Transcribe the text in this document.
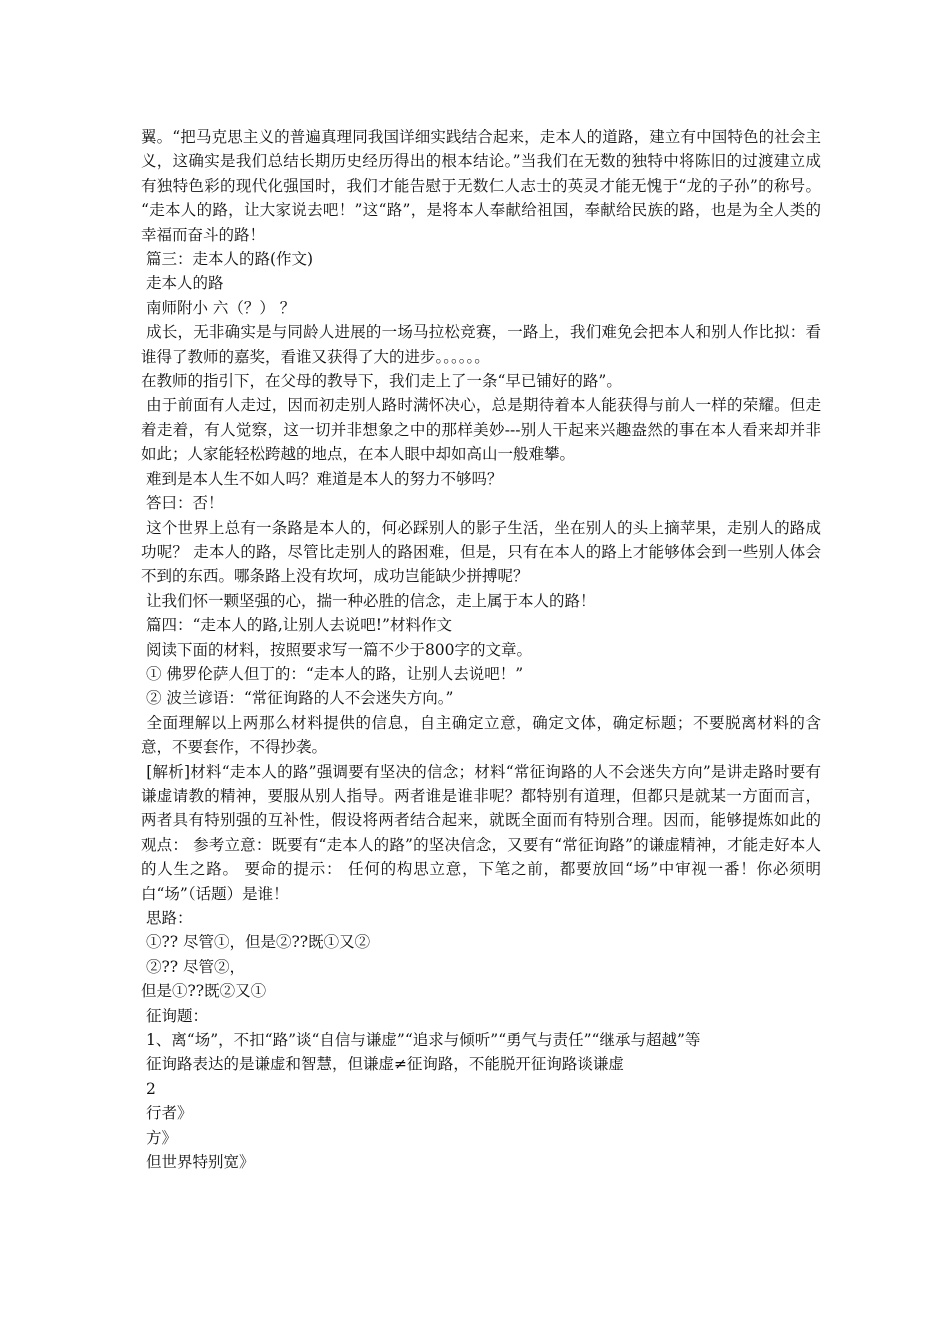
翼。“把马克思主义的普遍真理同我国详细实践结合起来，走本人的道路，建立有中国特色的社会主义，这确实是我们总结长期历史经历得出的根本结论。”当我们在无数的独特中将陈旧的过渡建立成有独特色彩的现代化强国时，我们才能告慰于无数仁人志士的英灵才能无愧于“龙的子孙”的称号。 “走本人的路，让大家说去吧！”这“路”，是将本人奉献给祖国，奉献给民族的路，也是为全人类的幸福而奋斗的路！

篇三：走本人的路(作文)

走本人的路

南师附小 六（？） ？

成长，无非确实是与同龄人进展的一场马拉松竞赛，一路上，我们难免会把本人和别人作比拟：看谁得了教师的嘉奖，看谁又获得了大的进步。。。。。。

在教师的指引下，在父母的教导下，我们走上了一条“早已铺好的路”。

由于前面有人走过，因而初走别人路时满怀决心，总是期待着本人能获得与前人一样的荣耀。但走着走着，有人觉察，这一切并非想象之中的那样美妙---别人干起来兴趣盎然的事在本人看来却并非如此；人家能轻松跨越的地点，在本人眼中却如高山一般难攀。

难到是本人生不如人吗？难道是本人的努力不够吗？

答曰：否！

这个世界上总有一条路是本人的，何必踩别人的影子生活，坐在别人的头上摘苹果，走别人的路成功呢？ 走本人的路，尽管比走别人的路困难，但是，只有在本人的路上才能够体会到一些别人体会不到的东西。哪条路上没有坎坷，成功岂能缺少拼搏呢？

让我们怀一颗坚强的心，揣一种必胜的信念，走上属于本人的路！

篇四：“走本人的路,让别人去说吧!”材料作文

阅读下面的材料，按照要求写一篇不少于800字的文章。

① 佛罗伦萨人但丁的：“走本人的路，让别人去说吧！”

② 波兰谚语：“常征询路的人不会迷失方向。”

全面理解以上两那么材料提供的信息，自主确定立意，确定文体，确定标题；不要脱离材料的含意，不要套作，不得抄袭。

[解析]材料“走本人的路”强调要有坚决的信念；材料“常征询路的人不会迷失方向”是讲走路时要有谦虚请教的精神，要服从别人指导。两者谁是谁非呢？都特别有道理，但都只是就某一方面而言，两者具有特别强的互补性，假设将两者结合起来，就既全面而有特别合理。因而，能够提炼如此的观点： 参考立意：既要有“走本人的路”的坚决信念，又要有“常征询路”的谦虚精神，才能走好本人的人生之路。 要命的提示： 任何的构思立意，下笔之前，都要放回“场”中审视一番！你必须明白“场”（话题）是谁！

思路：

①?? 尽管①，但是②??既①又②

②?? 尽管②，

但是①??既②又①

征询题：

1、离“场”，不扣“路”谈“自信与谦虚”“追求与倾听”“勇气与责任”“继承与超越”等

征询路表达的是谦虚和智慧，但谦虚≠征询路，不能脱开征询路谈谦虚

2

行者》

方》

但世界特别宽》
